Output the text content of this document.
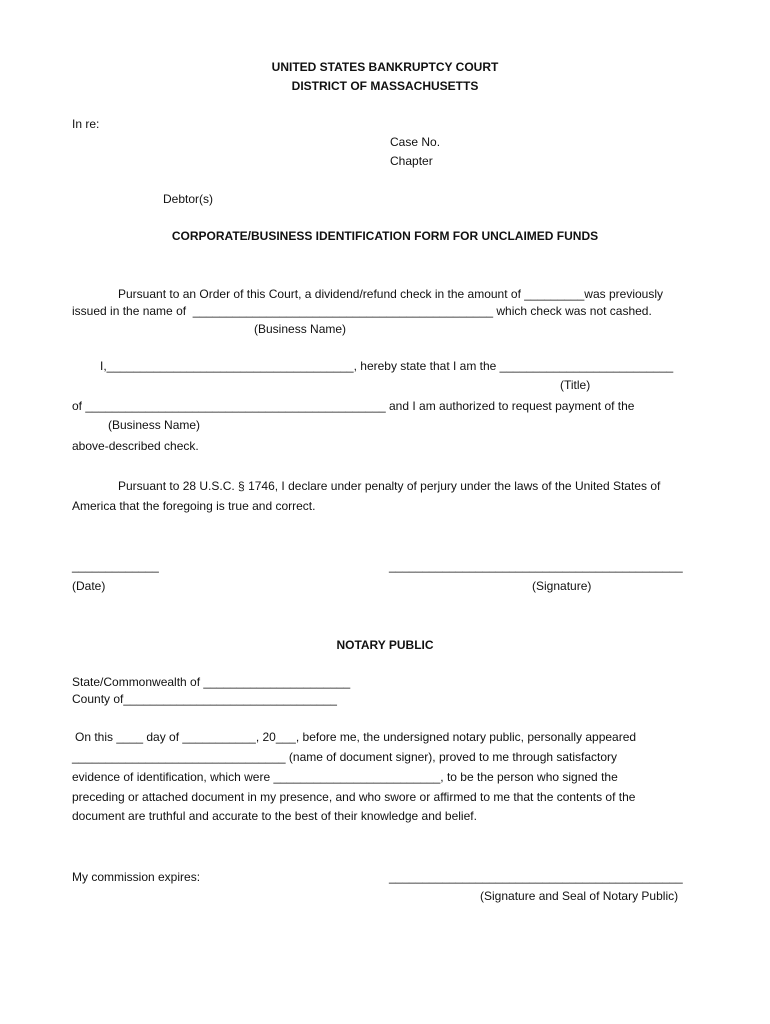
UNITED STATES BANKRUPTCY COURT
DISTRICT OF MASSACHUSETTS
In re:
Case No.
Chapter
Debtor(s)
CORPORATE/BUSINESS IDENTIFICATION FORM FOR UNCLAIMED FUNDS
Pursuant to an Order of this Court, a dividend/refund check in the amount of _________was previously
issued in the name of  _____________________________________________ which check was not cashed.
(Business Name)
I,_____________________________________, hereby state that I am the __________________________
(Title)
of _____________________________________________ and I am authorized to request payment of the
(Business Name)
above-described check.
Pursuant to 28 U.S.C. § 1746, I declare under penalty of perjury under the laws of the United States of
America that the foregoing is true and correct.
_____________
(Date)
____________________________________________
(Signature)
NOTARY PUBLIC
State/Commonwealth of ______________________
County of________________________________
On this ____ day of ___________, 20___, before me, the undersigned notary public, personally appeared
________________________________ (name of document signer), proved to me through satisfactory
evidence of identification, which were _________________________, to be the person who signed the
preceding or attached document in my presence, and who swore or affirmed to me that the contents of the
document are truthful and accurate to the best of their knowledge and belief.
My commission expires:	____________________________________________
(Signature and Seal of Notary Public)
